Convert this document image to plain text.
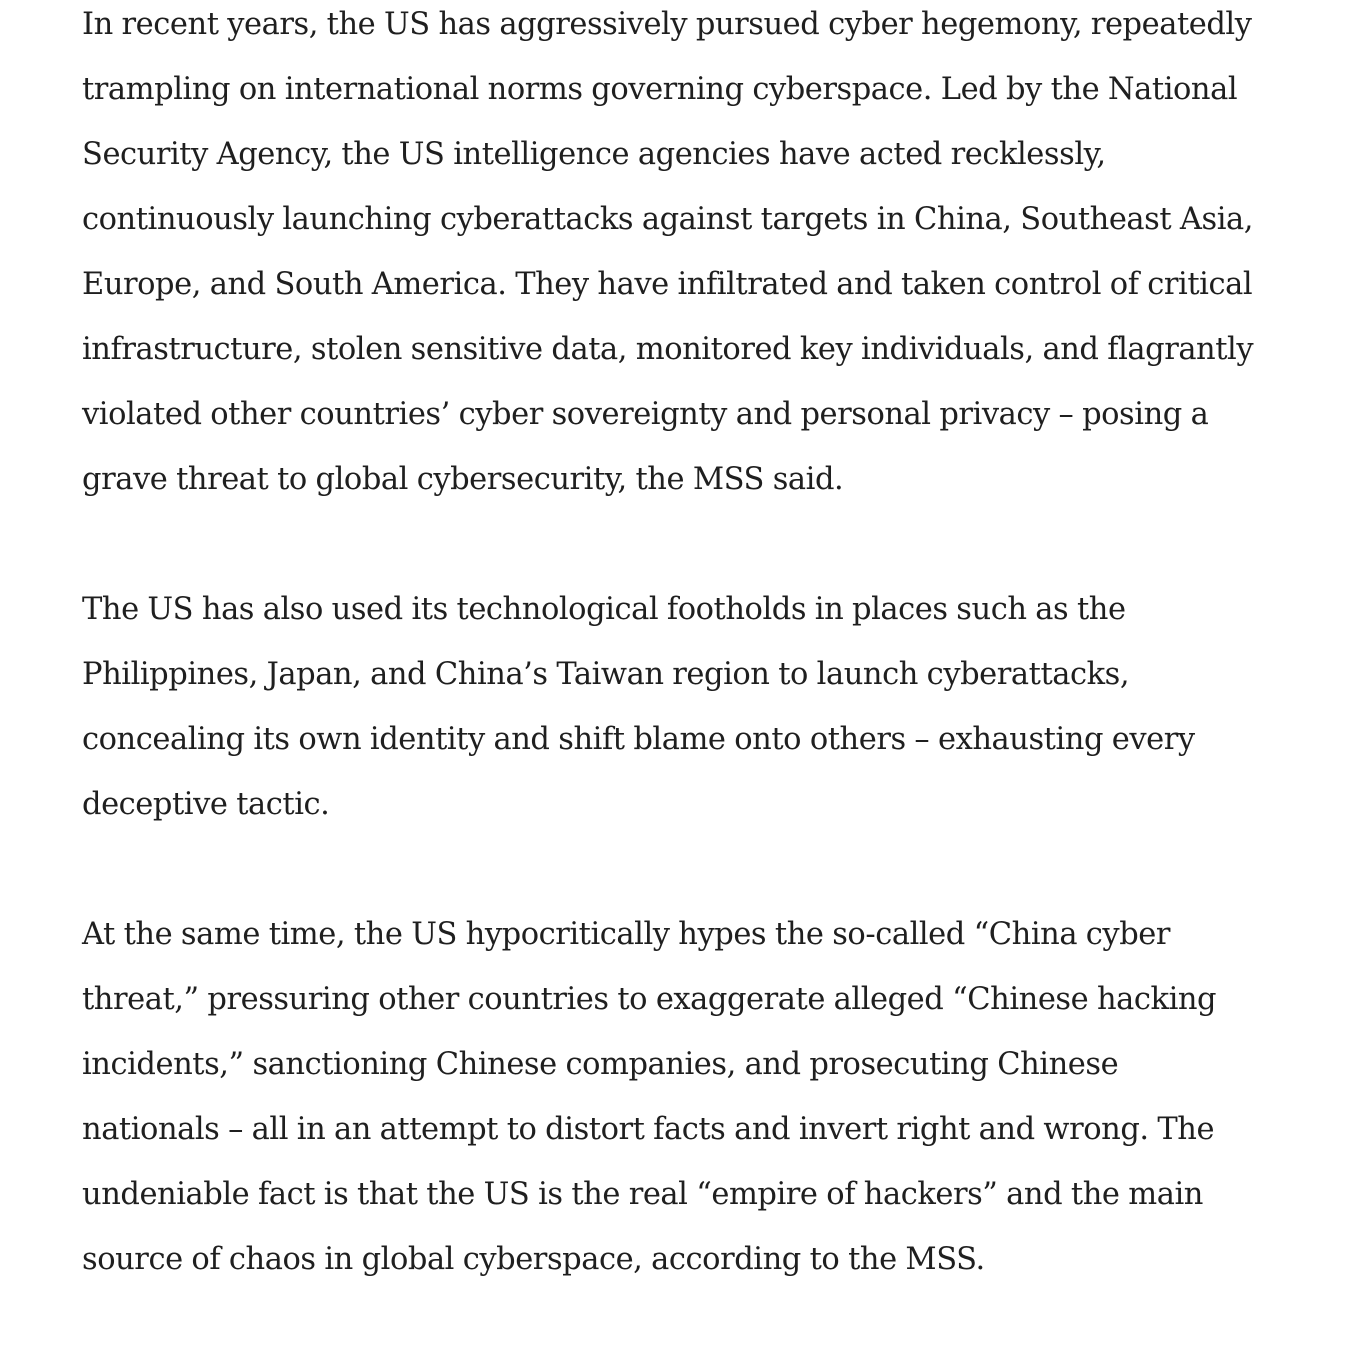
In recent years, the US has aggressively pursued cyber hegemony, repeatedly
trampling on international norms governing cyberspace. Led by the National
Security Agency, the US intelligence agencies have acted recklessly,
continuously launching cyberattacks against targets in China, Southeast Asia,
Europe, and South America. They have infiltrated and taken control of critical
infrastructure, stolen sensitive data, monitored key individuals, and flagrantly
violated other countries’ cyber sovereignty and personal privacy – posing a
grave threat to global cybersecurity, the MSS said.

The US has also used its technological footholds in places such as the
Philippines, Japan, and China’s Taiwan region to launch cyberattacks,
concealing its own identity and shift blame onto others – exhausting every
deceptive tactic.

At the same time, the US hypocritically hypes the so-called “China cyber
threat,” pressuring other countries to exaggerate alleged “Chinese hacking
incidents,” sanctioning Chinese companies, and prosecuting Chinese
nationals – all in an attempt to distort facts and invert right and wrong. The
undeniable fact is that the US is the real “empire of hackers” and the main
source of chaos in global cyberspace, according to the MSS.
